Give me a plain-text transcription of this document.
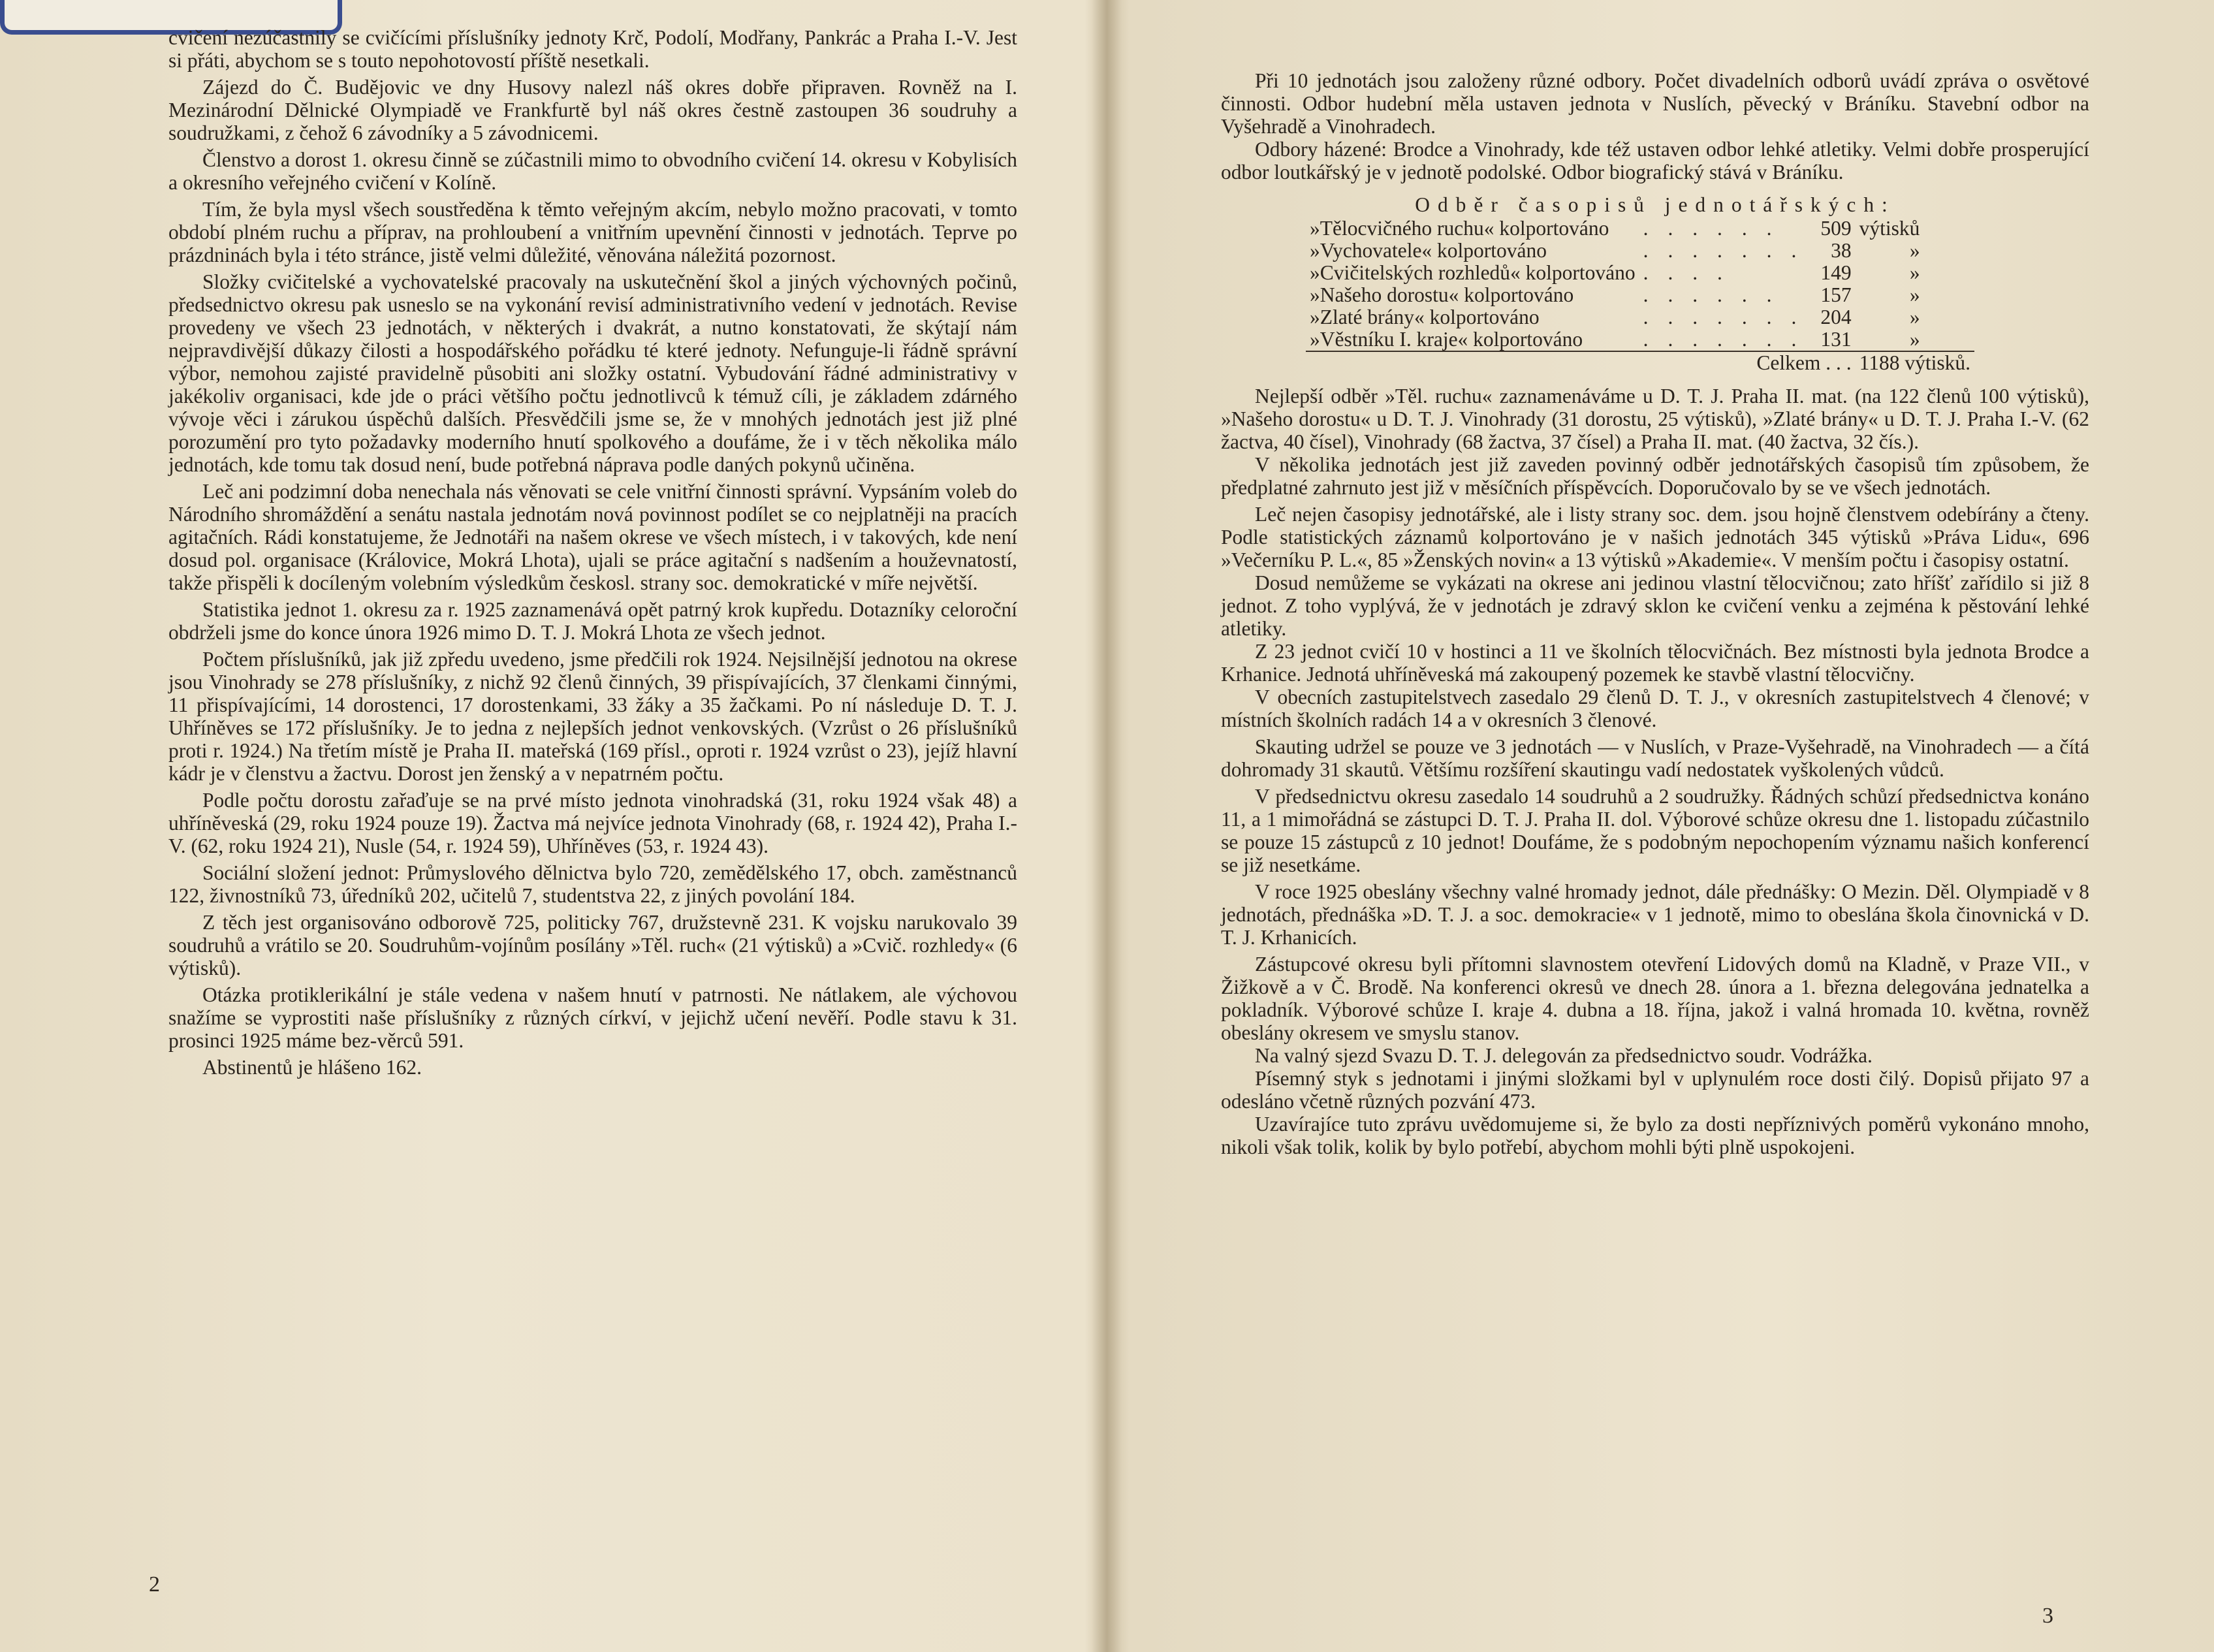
cvičení nezúčastnily se cvičícími příslušníky jednoty Krč, Podolí, Modřany, Pankrác a Praha I.-V. Jest si přáti, abychom se s touto nepohotovostí příště nesetkali.

Zájezd do Č. Budějovic ve dny Husovy nalezl náš okres dobře připraven. Rovněž na I. Mezinárodní Dělnické Olympiadě ve Frankfurtě byl náš okres čestně zastoupen 36 soudruhy a soudružkami, z čehož 6 závodníky a 5 závodnicemi.

Členstvo a dorost 1. okresu činně se zúčastnili mimo to obvodního cvičení 14. okresu v Kobylisích a okresního veřejného cvičení v Kolíně.

Tím, že byla mysl všech soustředěna k těmto veřejným akcím, nebylo možno pracovati, v tomto období plném ruchu a příprav, na prohloubení a vnitřním upevnění činnosti v jednotách. Teprve po prázdninách byla i této stránce, jistě velmi důležité, věnována náležitá pozornost.

Složky cvičitelské a vychovatelské pracovaly na uskutečnění škol a jiných výchovných počinů, předsednictvo okresu pak usneslo se na vykonání revisí administrativního vedení v jednotách. Revise provedeny ve všech 23 jednotách, v některých i dvakrát, a nutno konstatovati, že skýtají nám nejpravdivější důkazy čilosti a hospodářského pořádku té které jednoty. Nefunguje-li řádně správní výbor, nemohou zajisté pravidelně působiti ani složky ostatní. Vybudování řádné administrativy v jakékoliv organisaci, kde jde o práci většího počtu jednotlivců k témuž cíli, je základem zdárného vývoje věci i zárukou úspěchů dalších. Přesvědčili jsme se, že v mnohých jednotách jest již plné porozumění pro tyto požadavky moderního hnutí spolkového a doufáme, že i v těch několika málo jednotách, kde tomu tak dosud není, bude potřebná náprava podle daných pokynů učiněna.

Leč ani podzimní doba nenechala nás věnovati se cele vnitřní činnosti správní. Vypsáním voleb do Národního shromáždění a senátu nastala jednotám nová povinnost podílet se co nejplatněji na pracích agitačních. Rádi konstatujeme, že Jednotáři na našem okrese ve všech místech, i v takových, kde není dosud pol. organisace (Královice, Mokrá Lhota), ujali se práce agitační s nadšením a houževnatostí, takže přispěli k docíleným volebním výsledkům českosl. strany soc. demokratické v míře největší.

Statistika jednot 1. okresu za r. 1925 zaznamenává opět patrný krok kupředu. Dotazníky celoroční obdrželi jsme do konce února 1926 mimo D. T. J. Mokrá Lhota ze všech jednot.

Počtem příslušníků, jak již zpředu uvedeno, jsme předčili rok 1924. Nejsilnější jednotou na okrese jsou Vinohrady se 278 příslušníky, z nichž 92 členů činných, 39 přispívajících, 37 členkami činnými, 11 přispívajícími, 14 dorostenci, 17 dorostenkami, 33 žáky a 35 žačkami. Po ní následuje D. T. J. Uhříněves se 172 příslušníky. Je to jedna z nejlepších jednot venkovských. (Vzrůst o 26 příslušníků proti r. 1924.) Na třetím místě je Praha II. mateřská (169 přísl., oproti r. 1924 vzrůst o 23), jejíž hlavní kádr je v členstvu a žactvu. Dorost jen ženský a v nepatrném počtu.

Podle počtu dorostu zařaďuje se na prvé místo jednota vinohradská (31, roku 1924 však 48) a uhříněveská (29, roku 1924 pouze 19). Žactva má nejvíce jednota Vinohrady (68, r. 1924 42), Praha I.-V. (62, roku 1924 21), Nusle (54, r. 1924 59), Uhříněves (53, r. 1924 43).

Sociální složení jednot: Průmyslového dělnictva bylo 720, zemědělského 17, obch. zaměstnanců 122, živnostníků 73, úředníků 202, učitelů 7, studentstva 22, z jiných povolání 184.

Z těch jest organisováno odborově 725, politicky 767, družstevně 231. K vojsku narukovalo 39 soudruhů a vrátilo se 20. Soudruhům-vojínům posílány »Těl. ruch« (21 výtisků) a »Cvič. rozhledy« (6 výtisků).

Otázka protiklerikální je stále vedena v našem hnutí v patrnosti. Ne nátlakem, ale výchovou snažíme se vyprostiti naše příslušníky z různých církví, v jejichž učení nevěří. Podle stavu k 31. prosinci 1925 máme bez-věrců 591.

Abstinentů je hlášeno 162.

2

Při 10 jednotách jsou založeny různé odbory. Počet divadelních odborů uvádí zpráva o osvětové činnosti. Odbor hudební měla ustaven jednota v Nuslích, pěvecký v Bráníku. Stavební odbor na Vyšehradě a Vinohradech.

Odbory házené: Brodce a Vinohrady, kde též ustaven odbor lehké atletiky. Velmi dobře prosperující odbor loutkářský je v jednotě podolské. Odbor biografický stává v Bráníku.

Odběr časopisů jednotářských:
»Tělocvičného ruchu« kolportováno	. . . . . .	509	výtisků
»Vychovatele« kolportováno	. . . . . . .	38	»
»Cvičitelských rozhledů« kolportováno	. . . .	149	»
»Našeho dorostu« kolportováno	. . . . . .	157	»
»Zlaté brány« kolportováno	. . . . . . .	204	»
»Věstníku I. kraje« kolportováno	. . . . . . .	131	»
	Celkem . . .		1188 výtisků.

Nejlepší odběr »Těl. ruchu« zaznamenáváme u D. T. J. Praha II. mat. (na 122 členů 100 výtisků), »Našeho dorostu« u D. T. J. Vinohrady (31 dorostu, 25 výtisků), »Zlaté brány« u D. T. J. Praha I.-V. (62 žactva, 40 čísel), Vinohrady (68 žactva, 37 čísel) a Praha II. mat. (40 žactva, 32 čís.).

V několika jednotách jest již zaveden povinný odběr jednotářských časopisů tím způsobem, že předplatné zahrnuto jest již v měsíčních příspěvcích. Doporučovalo by se ve všech jednotách.

Leč nejen časopisy jednotářské, ale i listy strany soc. dem. jsou hojně členstvem odebírány a čteny. Podle statistických záznamů kolportováno je v našich jednotách 345 výtisků »Práva Lidu«, 696 »Večerníku P. L.«, 85 »Ženských novin« a 13 výtisků »Akademie«. V menším počtu i časopisy ostatní.

Dosud nemůžeme se vykázati na okrese ani jedinou vlastní tělocvičnou; zato hříšť zařídilo si již 8 jednot. Z toho vyplývá, že v jednotách je zdravý sklon ke cvičení venku a zejména k pěstování lehké atletiky.

Z 23 jednot cvičí 10 v hostinci a 11 ve školních tělocvičnách. Bez místnosti byla jednota Brodce a Krhanice. Jednotá uhříněveská má zakoupený pozemek ke stavbě vlastní tělocvičny.

V obecních zastupitelstvech zasedalo 29 členů D. T. J., v okresních zastupitelstvech 4 členové; v místních školních radách 14 a v okresních 3 členové.

Skauting udržel se pouze ve 3 jednotách — v Nuslích, v Praze-Vyšehradě, na Vinohradech — a čítá dohromady 31 skautů. Většímu rozšíření skautingu vadí nedostatek vyškolených vůdců.

V předsednictvu okresu zasedalo 14 soudruhů a 2 soudružky. Řádných schůzí předsednictva konáno 11, a 1 mimořádná se zástupci D. T. J. Praha II. dol. Výborové schůze okresu dne 1. listopadu zúčastnilo se pouze 15 zástupců z 10 jednot! Doufáme, že s podobným nepochopením významu našich konferencí se již nesetkáme.

V roce 1925 obeslány všechny valné hromady jednot, dále přednášky: O Mezin. Děl. Olympiadě v 8 jednotách, přednáška »D. T. J. a soc. demokracie« v 1 jednotě, mimo to obeslána škola činovnická v D. T. J. Krhanicích.

Zástupcové okresu byli přítomni slavnostem otevření Lidových domů na Kladně, v Praze VII., v Žižkově a v Č. Brodě. Na konferenci okresů ve dnech 28. února a 1. března delegována jednatelka a pokladník. Výborové schůze I. kraje 4. dubna a 18. října, jakož i valná hromada 10. května, rovněž obeslány okresem ve smyslu stanov.

Na valný sjezd Svazu D. T. J. delegován za předsednictvo soudr. Vodrážka.

Písemný styk s jednotami i jinými složkami byl v uplynulém roce dosti čilý. Dopisů přijato 97 a odesláno včetně různých pozvání 473.

Uzavírajíce tuto zprávu uvědomujeme si, že bylo za dosti nepříznivých poměrů vykonáno mnoho, nikoli však tolik, kolik by bylo potřebí, abychom mohli býti plně uspokojeni.

3
